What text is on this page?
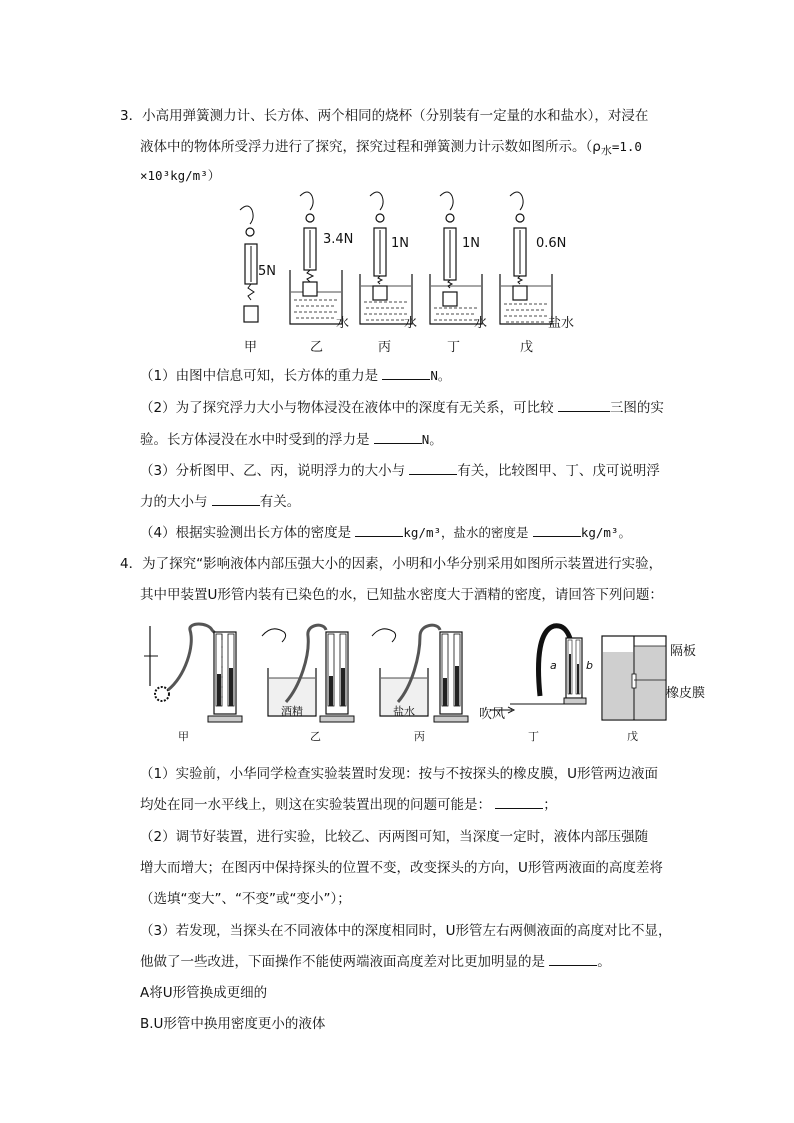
3．小高用弹簧测力计、长方体、两个相同的烧杯（分别装有一定量的水和盐水），对浸在
液体中的物体所受浮力进行了探究，探究过程和弹簧测力计示数如图所示。（$\rho_水=1.0$
×10³kg/m³）
5N
3.4N	1N	1N	0.6N
水	水	水	盐水
甲	乙	丙	丁	戊
（1）由图中信息可知，长方体的重力是	N。
（2）为了探究浮力大小与物体浸没在液体中的深度有无关系，可比较	三图的实
验。长方体浸没在水中时受到的浮力是	N。
（3）分析图甲、乙、丙，说明浮力的大小与	有关，比较图甲、丁、戊可说明浮
力的大小与	有关。
（4）根据实验测出长方体的密度是	kg/m³，盐水的密度是	kg/m³。
4．为了探究“影响液体内部压强大小的因素，小明和小华分别采用如图所示装置进行实验，
其中甲装置U形管内装有已染色的水，已知盐水密度大于酒精的密度，请回答下列问题：
酒精	盐水	吹风
a	b
隔板
橡皮膜
甲	乙	丙	丁	戊
（1）实验前，小华同学检查实验装置时发现：按与不按探头的橡皮膜，U形管两边液面
均处在同一水平线上，则这在实验装置出现的问题可能是：	；
（2）调节好装置，进行实验，比较乙、丙两图可知，当深度一定时，液体内部压强随
增大而增大；在图丙中保持探头的位置不变，改变探头的方向，U形管两液面的高度差将
（选填“变大”、“不变”或“变小”）；
（3）若发现，当探头在不同液体中的深度相同时，U形管左右两侧液面的高度对比不显，
他做了一些改进，下面操作不能使两端液面高度差对比更加明显的是	。
A将U形管换成更细的
B.U形管中换用密度更小的液体
